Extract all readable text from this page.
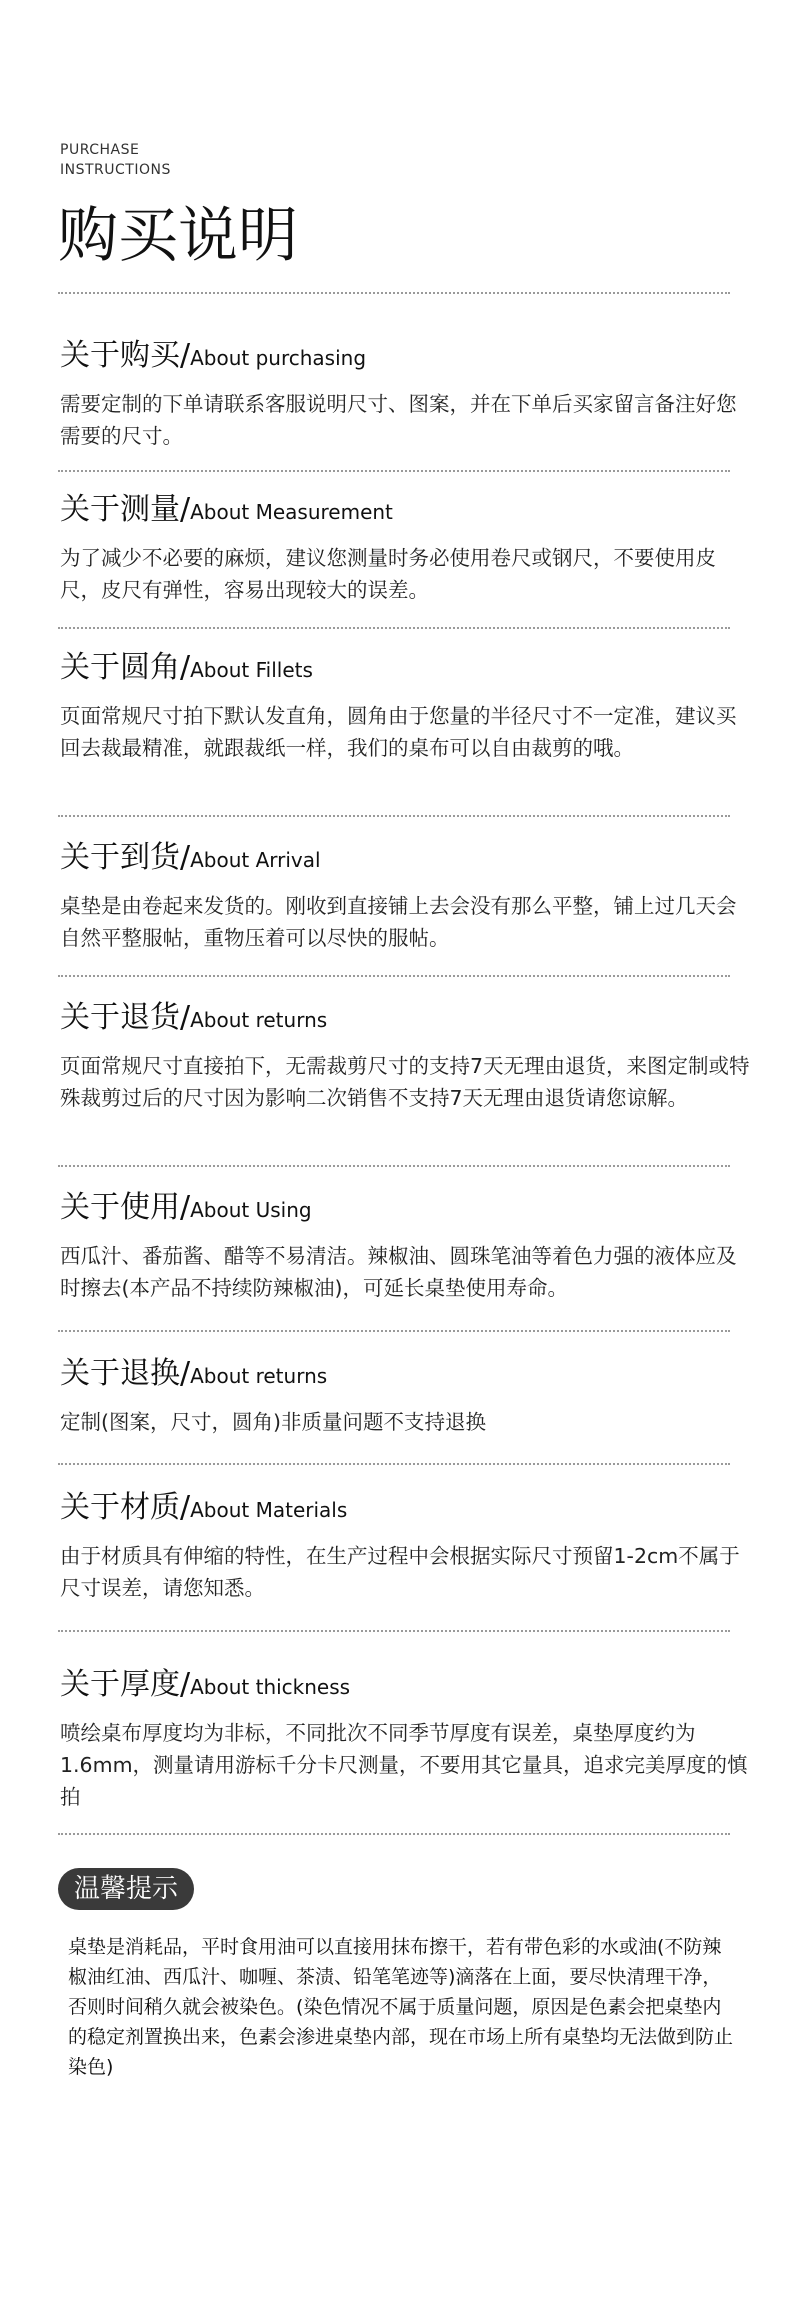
PURCHASE
INSTRUCTIONS

购买说明
关于购买/About purchasing

需要定制的下单请联系客服说明尺寸、图案，并在下单后买家留言备注好您需要的尺寸。

关于测量/About Measurement

为了减少不必要的麻烦，建议您测量时务必使用卷尺或钢尺，不要使用皮尺，皮尺有弹性，容易出现较大的误差。

关于圆角/About Fillets

页面常规尺寸拍下默认发直角，圆角由于您量的半径尺寸不一定准，建议买回去裁最精准，就跟裁纸一样，我们的桌布可以自由裁剪的哦。

关于到货/About Arrival

桌垫是由卷起来发货的。刚收到直接铺上去会没有那么平整，铺上过几天会自然平整服帖，重物压着可以尽快的服帖。

关于退货/About returns

页面常规尺寸直接拍下，无需裁剪尺寸的支持7天无理由退货，来图定制或特殊裁剪过后的尺寸因为影响二次销售不支持7天无理由退货请您谅解。

关于使用/About Using

西瓜汁、番茄酱、醋等不易清洁。辣椒油、圆珠笔油等着色力强的液体应及时擦去(本产品不持续防辣椒油)，可延长桌垫使用寿命。

关于退换/About returns

定制(图案，尺寸，圆角)非质量问题不支持退换

关于材质/About Materials

由于材质具有伸缩的特性，在生产过程中会根据实际尺寸预留1-2cm不属于尺寸误差，请您知悉。

关于厚度/About thickness

喷绘桌布厚度均为非标，不同批次不同季节厚度有误差，桌垫厚度约为1.6mm，测量请用游标千分卡尺测量，不要用其它量具，追求完美厚度的慎拍

温馨提示

桌垫是消耗品，平时食用油可以直接用抹布擦干，若有带色彩的水或油(不防辣椒油红油、西瓜汁、咖喱、茶渍、铅笔笔迹等)滴落在上面，要尽快清理干净，否则时间稍久就会被染色。(染色情况不属于质量问题，原因是色素会把桌垫内的稳定剂置换出来，色素会渗进桌垫内部，现在市场上所有桌垫均无法做到防止染色)
